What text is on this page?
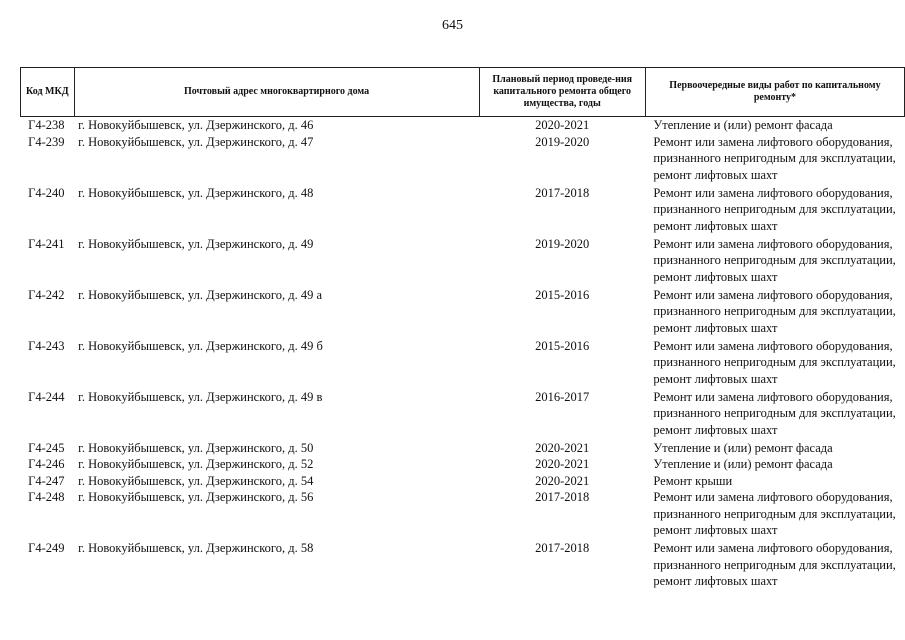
645
Код МКД	Почтовый адрес многоквартирного дома	Плановый период проведе-ния капитального ремонта общего имущества, годы	Первоочередные виды работ по капитальному ремонту*
Г4-238	г. Новокуйбышевск, ул. Дзержинского, д. 46	2020-2021	Утепление и (или) ремонт фасада
Г4-239	г. Новокуйбышевск, ул. Дзержинского, д. 47	2019-2020	Ремонт или замена лифтового оборудования, признанного непригодным для эксплуатации, ремонт лифтовых шахт
Г4-240	г. Новокуйбышевск, ул. Дзержинского, д. 48	2017-2018	Ремонт или замена лифтового оборудования, признанного непригодным для эксплуатации, ремонт лифтовых шахт
Г4-241	г. Новокуйбышевск, ул. Дзержинского, д. 49	2019-2020	Ремонт или замена лифтового оборудования, признанного непригодным для эксплуатации, ремонт лифтовых шахт
Г4-242	г. Новокуйбышевск, ул. Дзержинского, д. 49 а	2015-2016	Ремонт или замена лифтового оборудования, признанного непригодным для эксплуатации, ремонт лифтовых шахт
Г4-243	г. Новокуйбышевск, ул. Дзержинского, д. 49 б	2015-2016	Ремонт или замена лифтового оборудования, признанного непригодным для эксплуатации, ремонт лифтовых шахт
Г4-244	г. Новокуйбышевск, ул. Дзержинского, д. 49 в	2016-2017	Ремонт или замена лифтового оборудования, признанного непригодным для эксплуатации, ремонт лифтовых шахт
Г4-245	г. Новокуйбышевск, ул. Дзержинского, д. 50	2020-2021	Утепление и (или) ремонт фасада
Г4-246	г. Новокуйбышевск, ул. Дзержинского, д. 52	2020-2021	Утепление и (или) ремонт фасада
Г4-247	г. Новокуйбышевск, ул. Дзержинского, д. 54	2020-2021	Ремонт крыши
Г4-248	г. Новокуйбышевск, ул. Дзержинского, д. 56	2017-2018	Ремонт или замена лифтового оборудования, признанного непригодным для эксплуатации, ремонт лифтовых шахт
Г4-249	г. Новокуйбышевск, ул. Дзержинского, д. 58	2017-2018	Ремонт или замена лифтового оборудования, признанного непригодным для эксплуатации, ремонт лифтовых шахт
